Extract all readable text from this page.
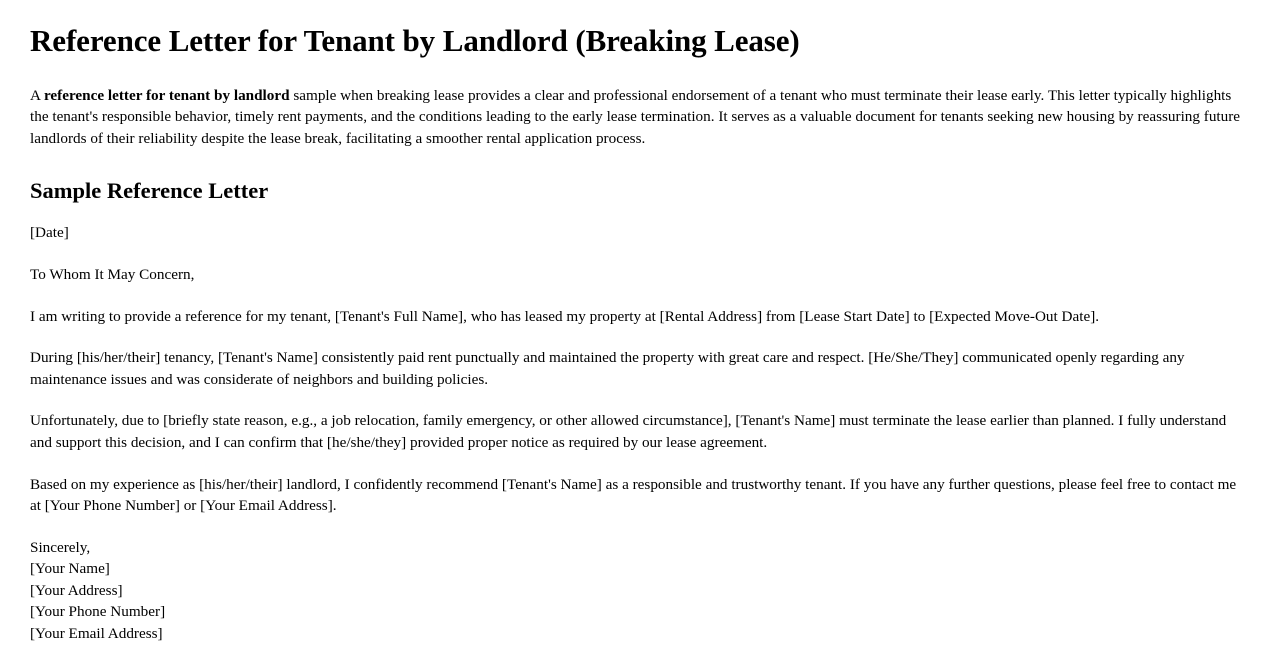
Reference Letter for Tenant by Landlord (Breaking Lease)

A reference letter for tenant by landlord sample when breaking lease provides a clear and professional endorsement of a tenant who must terminate their lease early. This letter typically highlights the tenant's responsible behavior, timely rent payments, and the conditions leading to the early lease termination. It serves as a valuable document for tenants seeking new housing by reassuring future landlords of their reliability despite the lease break, facilitating a smoother rental application process.

Sample Reference Letter

[Date]

To Whom It May Concern,

I am writing to provide a reference for my tenant, [Tenant's Full Name], who has leased my property at [Rental Address] from [Lease Start Date] to [Expected Move-Out Date].

During [his/her/their] tenancy, [Tenant's Name] consistently paid rent punctually and maintained the property with great care and respect. [He/She/They] communicated openly regarding any maintenance issues and was considerate of neighbors and building policies.

Unfortunately, due to [briefly state reason, e.g., a job relocation, family emergency, or other allowed circumstance], [Tenant's Name] must terminate the lease earlier than planned. I fully understand and support this decision, and I can confirm that [he/she/they] provided proper notice as required by our lease agreement.

Based on my experience as [his/her/their] landlord, I confidently recommend [Tenant's Name] as a responsible and trustworthy tenant. If you have any further questions, please feel free to contact me at [Your Phone Number] or [Your Email Address].

Sincerely,
[Your Name]
[Your Address]
[Your Phone Number]
[Your Email Address]
